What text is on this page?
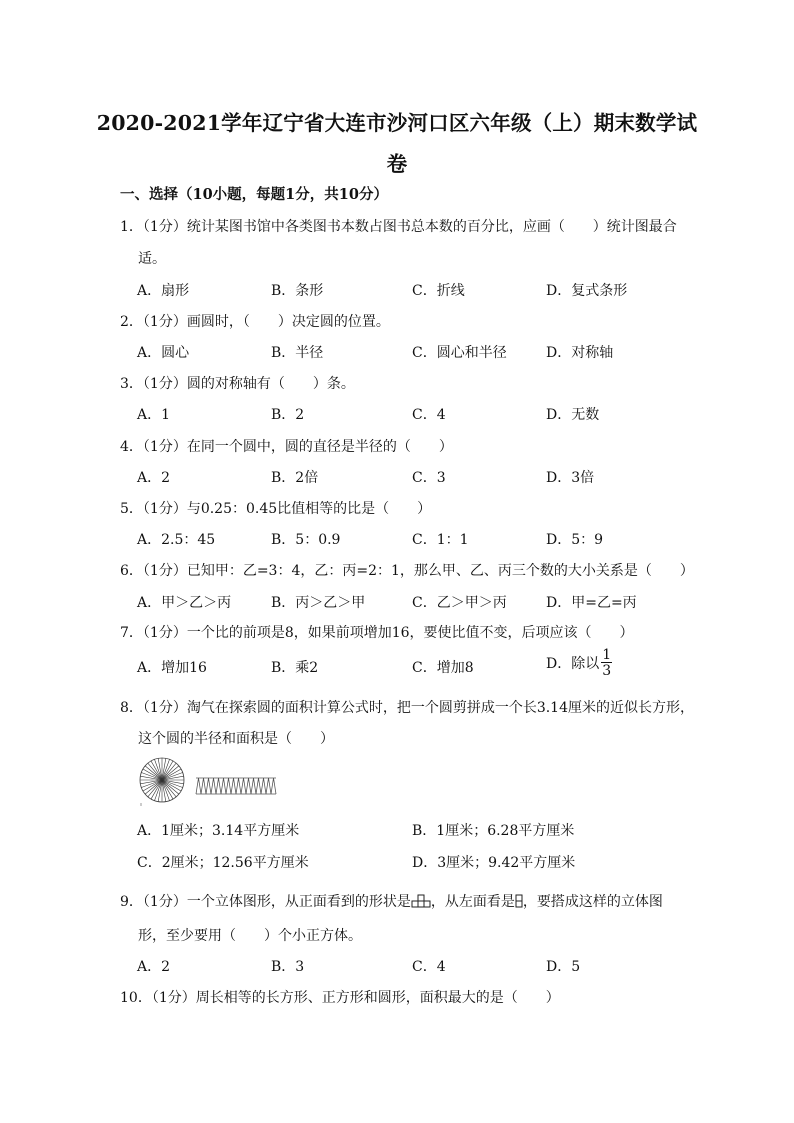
2020-2021学年辽宁省大连市沙河口区六年级（上）期末数学试
卷
一、选择（10小题，每题1分，共10分）
1．（1分）统计某图书馆中各类图书本数占图书总本数的百分比，应画（　　）统计图最合
适。
A．扇形	B．条形	C．折线	D．复式条形
2．（1分）画圆时，（　　）决定圆的位置。
A．圆心	B．半径	C．圆心和半径	D．对称轴
3．（1分）圆的对称轴有（　　）条。
A．1	B．2	C．4	D．无数
4．（1分）在同一个圆中，圆的直径是半径的（　　）
A．2	B．2倍	C．3	D．3倍
5．（1分）与0.25：0.45比值相等的比是（　　）
A．2.5：45	B．5：0.9	C．1：1	D．5：9
6．（1分）已知甲：乙=3：4，乙：丙=2：1，那么甲、乙、丙三个数的大小关系是（　　）
A．甲＞乙＞丙	B．丙＞乙＞甲	C．乙＞甲＞丙	D．甲=乙=丙
7．（1分）一个比的前项是8，如果前项增加16，要使比值不变，后项应该（　　）
A．增加16	B．乘2	C．增加8	D．除以 $\frac{1}{3}$
8．（1分）淘气在探索圆的面积计算公式时，把一个圆剪拼成一个长3.14厘米的近似长方形，
这个圆的半径和面积是（　　）
A．1厘米；3.14平方厘米	B．1厘米；6.28平方厘米
C．2厘米；12.56平方厘米	D．3厘米；9.42平方厘米
9．（1分）一个立体图形，从正面看到的形状是 ，从左面看是 ，要搭成这样的立体图
形，至少要用（　　）个小正方体。
A．2	B．3	C．4	D．5
10．（1分）周长相等的长方形、正方形和圆形，面积最大的是（　　）
